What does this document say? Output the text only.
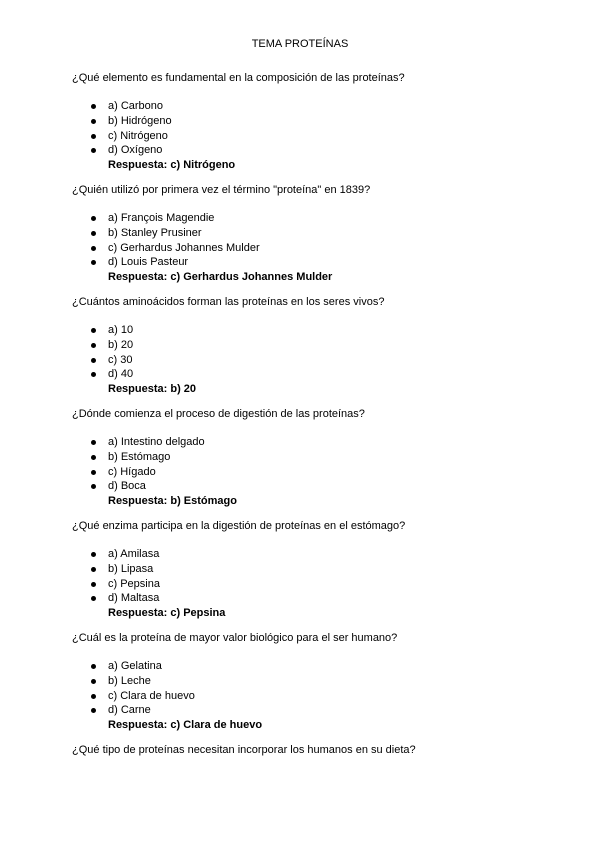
TEMA PROTEÍNAS

¿Qué elemento es fundamental en la composición de las proteínas?

a) Carbono
b) Hidrógeno
c) Nitrógeno
d) Oxígeno
Respuesta: c) Nitrógeno

¿Quién utilizó por primera vez el término "proteína" en 1839?

a) François Magendie
b) Stanley Prusiner
c) Gerhardus Johannes Mulder
d) Louis Pasteur
Respuesta: c) Gerhardus Johannes Mulder

¿Cuántos aminoácidos forman las proteínas en los seres vivos?

a) 10
b) 20
c) 30
d) 40
Respuesta: b) 20

¿Dónde comienza el proceso de digestión de las proteínas?

a) Intestino delgado
b) Estómago
c) Hígado
d) Boca
Respuesta: b) Estómago

¿Qué enzima participa en la digestión de proteínas en el estómago?

a) Amilasa
b) Lipasa
c) Pepsina
d) Maltasa
Respuesta: c) Pepsina

¿Cuál es la proteína de mayor valor biológico para el ser humano?

a) Gelatina
b) Leche
c) Clara de huevo
d) Carne
Respuesta: c) Clara de huevo

¿Qué tipo de proteínas necesitan incorporar los humanos en su dieta?
